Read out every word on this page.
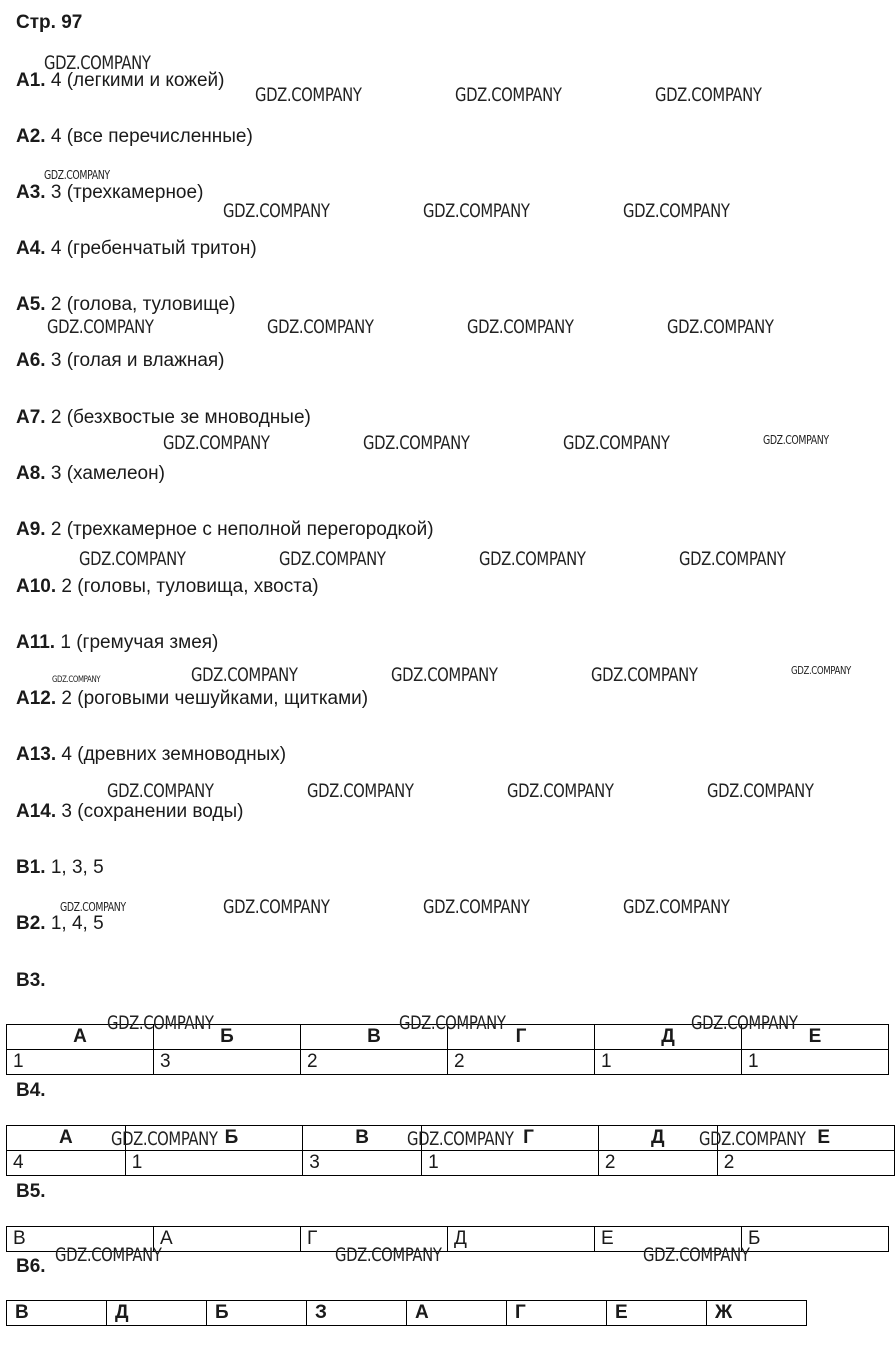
Стр. 97
A1. 4 (легкими и кожей)
A2. 4 (все перечисленные)
A3. 3 (трехкамерное)
A4. 4 (гребенчатый тритон)
A5. 2 (голова, туловище)
A6. 3 (голая и влажная)
A7. 2 (безхвостые зе мноводные)
A8. 3 (хамелеон)
A9. 2 (трехкамерное с неполной перегородкой)
A10. 2 (головы, туловища, хвоста)
A11. 1 (гремучая змея)
A12. 2 (роговыми чешуйками, щитками)
A13. 4 (древних земноводных)
A14. 3 (сохранении воды)
B1. 1, 3, 5
B2. 1, 4, 5
B3.
B4.
B5.
B6.
А	Б	В	Г	Д	Е
1	3	2	2	1	1
А	Б	В	Г	Д	Е
4	1	3	1	2	2
В	А	Г	Д	Е	Б
В	Д	Б	З	А	Г	Е	Ж
GDZ.COMPANY
GDZ.COMPANY	GDZ.COMPANY	GDZ.COMPANY
GDZ.COMPANY
GDZ.COMPANY	GDZ.COMPANY	GDZ.COMPANY
GDZ.COMPANY	GDZ.COMPANY	GDZ.COMPANY	GDZ.COMPANY
GDZ.COMPANY	GDZ.COMPANY	GDZ.COMPANY	GDZ.COMPANY
GDZ.COMPANY	GDZ.COMPANY	GDZ.COMPANY	GDZ.COMPANY
GDZ.COMPANY	GDZ.COMPANY	GDZ.COMPANY	GDZ.COMPANY
GDZ.COMPANY
GDZ.COMPANY	GDZ.COMPANY	GDZ.COMPANY	GDZ.COMPANY
GDZ.COMPANY	GDZ.COMPANY	GDZ.COMPANY	GDZ.COMPANY
GDZ.COMPANY	GDZ.COMPANY	GDZ.COMPANY
GDZ.COMPANY	GDZ.COMPANY	GDZ.COMPANY
GDZ.COMPANY	GDZ.COMPANY	GDZ.COMPANY
